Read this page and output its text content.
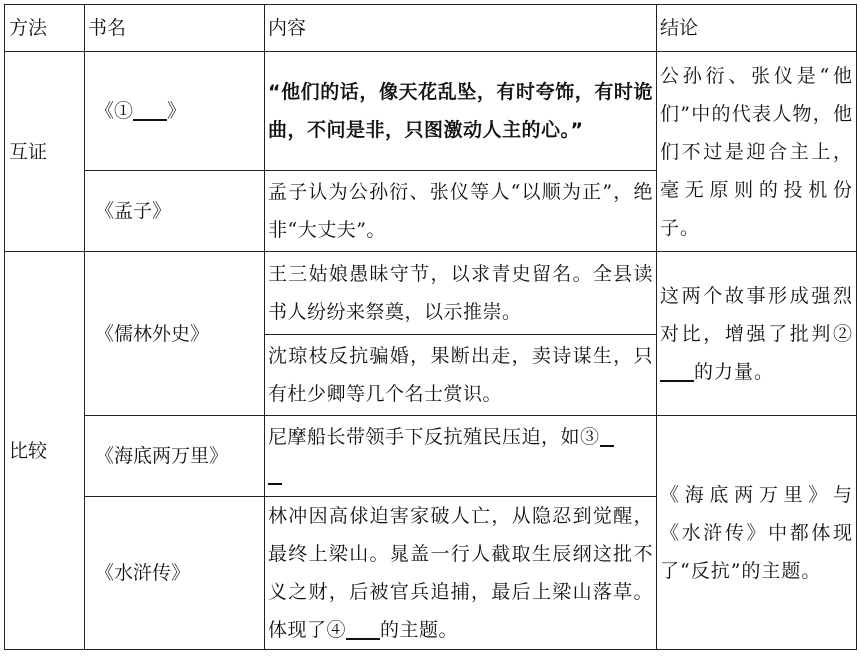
方法	书名	内容	结论
互证	《① 》	“他们的话，像天花乱坠，有时夸饰，有时诡曲，不问是非，只图激动人主的心。”	公孙衍、张仪是“他们”中的代表人物，他们不过是迎合主上，毫无原则的投机份子。
	《孟子》	孟子认为公孙衍、张仪等人“以顺为正”，绝非“大丈夫”。	
比较	《儒林外史》	王三姑娘愚昧守节，以求青史留名。全县读书人纷纷来祭奠，以示推崇。	这两个故事形成强烈对比，增强了批判②的力量。
		沈琼枝反抗骗婚，果断出走，卖诗谋生，只有杜少卿等几个名士赏识。	
	《海底两万里》	尼摩船长带领手下反抗殖民压迫，如③	《海底两万里》与《水浒传》中都体现了“反抗”的主题。
	《水浒传》	林冲因高俅迫害家破人亡，从隐忍到觉醒，最终上梁山。晁盖一行人截取生辰纲这批不义之财，后被官兵追捕，最后上梁山落草。体现了④ 的主题。	
